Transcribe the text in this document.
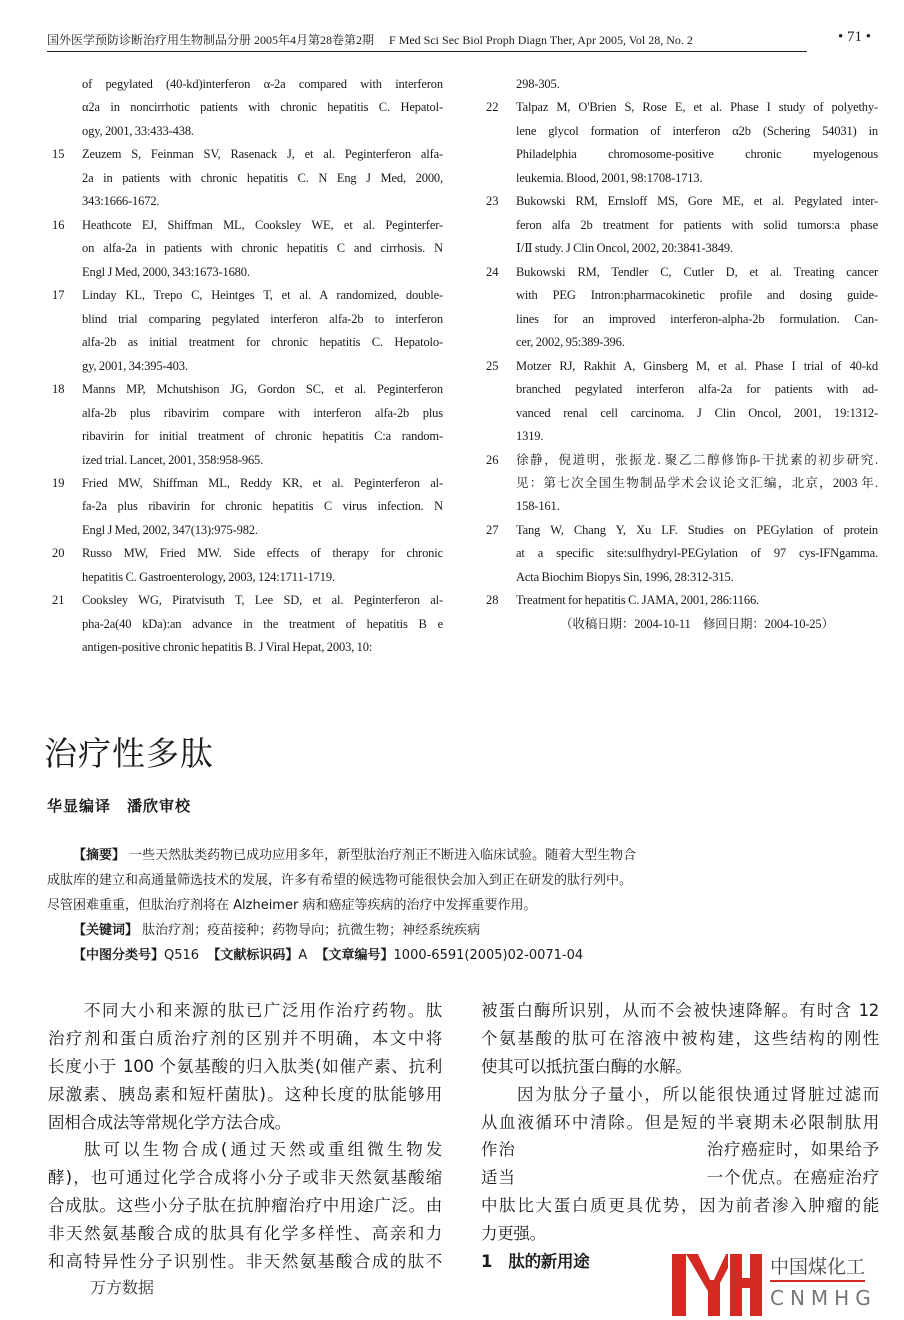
国外医学预防诊断治疗用生物制品分册 2005年4月第28卷第2期 F Med Sci Sec Biol Proph Diagn Ther, Apr 2005, Vol 28, No. 2	• 71 •
of pegylated (40-kd)interferon α-2a compared with interferon
α2a in noncirrhotic patients with chronic hepatitis C. Hepatol-
ogy, 2001, 33:433-438.
15 Zeuzem S, Feinman SV, Rasenack J, et al. Peginterferon alfa-
2a in patients with chronic hepatitis C. N Eng J Med, 2000,
343:1666-1672.
16 Heathcote EJ, Shiffman ML, Cooksley WE, et al. Peginterfer-
on alfa-2a in patients with chronic hepatitis C and cirrhosis. N
Engl J Med, 2000, 343:1673-1680.
17 Linday KL, Trepo C, Heintges T, et al. A randomized, double-
blind trial comparing pegylated interferon alfa-2b to interferon
alfa-2b as initial treatment for chronic hepatitis C. Hepatolo-
gy, 2001, 34:395-403.
18 Manns MP, Mchutshison JG, Gordon SC, et al. Peginterferon
alfa-2b plus ribavirim compare with interferon alfa-2b plus
ribavirin for initial treatment of chronic hepatitis C:a random-
ized trial. Lancet, 2001, 358:958-965.
19 Fried MW, Shiffman ML, Reddy KR, et al. Peginterferon al-
fa-2a plus ribavirin for chronic hepatitis C virus infection. N
Engl J Med, 2002, 347(13):975-982.
20 Russo MW, Fried MW. Side effects of therapy for chronic
hepatitis C. Gastroenterology, 2003, 124:1711-1719.
21 Cooksley WG, Piratvisuth T, Lee SD, et al. Peginterferon al-
pha-2a(40 kDa):an advance in the treatment of hepatitis B e
antigen-positive chronic hepatitis B. J Viral Hepat, 2003, 10:
298-305.
22 Talpaz M, O'Brien S, Rose E, et al. Phase I study of polyethy-
lene glycol formation of interferon α2b (Schering 54031) in
Philadelphia chromosome-positive chronic myelogenous
leukemia. Blood, 2001, 98:1708-1713.
23 Bukowski RM, Ernsloff MS, Gore ME, et al. Pegylated inter-
feron alfa 2b treatment for patients with solid tumors:a phase
Ⅰ/Ⅱ study. J Clin Oncol, 2002, 20:3841-3849.
24 Bukowski RM, Tendler C, Cutler D, et al. Treating cancer
with PEG Intron:pharmacokinetic profile and dosing guide-
lines for an improved interferon-alpha-2b formulation. Can-
cer, 2002, 95:389-396.
25 Motzer RJ, Rakhit A, Ginsberg M, et al. Phase I trial of 40-kd
branched pegylated interferon alfa-2a for patients with ad-
vanced renal cell carcinoma. J Clin Oncol, 2001, 19:1312-
1319.
26 徐静，倪道明，张振龙. 聚乙二醇修饰β-干扰素的初步研究.
见：第七次全国生物制品学术会议论文汇编，北京，2003 年.
158-161.
27 Tang W, Chang Y, Xu LF. Studies on PEGylation of protein
at a specific site:sulfhydryl-PEGylation of 97 cys-IFNgamma.
Acta Biochim Biopys Sin, 1996, 28:312-315.
28 Treatment for hepatitis C. JAMA, 2001, 286:1166.
（收稿日期：2004-10-11　修回日期：2004-10-25）
治疗性多肽
华显编译　潘欣审校
【摘要】 一些天然肽类药物已成功应用多年，新型肽治疗剂正不断进入临床试验。随着大型生物合
成肽库的建立和高通量筛选技术的发展，许多有希望的候选物可能很快会加入到正在研发的肽行列中。
尽管困难重重，但肽治疗剂将在 Alzheimer 病和癌症等疾病的治疗中发挥重要作用。
【关键词】 肽治疗剂；疫苗接种；药物导向；抗微生物；神经系统疾病
【中图分类号】Q516 【文献标识码】A 【文章编号】1000-6591(2005)02-0071-04
不同大小和来源的肽已广泛用作治疗药物。肽
治疗剂和蛋白质治疗剂的区别并不明确，本文中将
长度小于 100 个氨基酸的归入肽类(如催产素、抗利
尿激素、胰岛素和短杆菌肽)。这种长度的肽能够用
固相合成法等常规化学方法合成。
肽可以生物合成(通过天然或重组微生物发
酵)，也可通过化学合成将小分子或非天然氨基酸缩
合成肽。这些小分子肽在抗肿瘤治疗中用途广泛。由
非天然氨基酸合成的肽具有化学多样性、高亲和力
和高特异性分子识别性。非天然氨基酸合成的肽不
被蛋白酶所识别，从而不会被快速降解。有时含 12
个氨基酸的肽可在溶液中被构建，这些结构的刚性
使其可以抵抗蛋白酶的水解。
因为肽分子量小，所以能很快通过肾脏过滤而
从血液循环中清除。但是短的半衰期未必限制肽用
作治　　　　　　　　　　　治疗癌症时，如果给予
适当　　　　　　　　　　　一个优点。在癌症治疗
中肽比大蛋白质更具优势，因为前者渗入肿瘤的能
力更强。
1　肽的新用途
万方数据
中国煤化工
CNMHG
